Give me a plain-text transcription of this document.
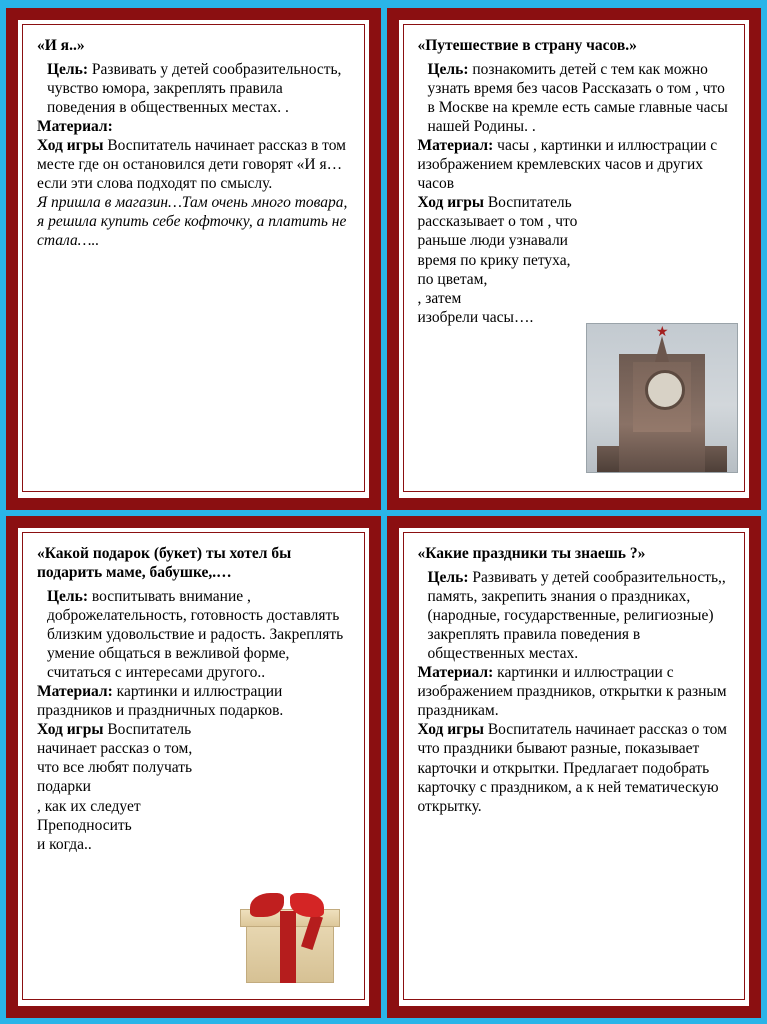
«И я..»

Цель: Развивать у детей сообразительность, чувство юмора, закреплять правила поведения в общественных местах. .

Материал:

Ход игры Воспитатель начинает рассказ в том месте где он остановился дети говорят «И я…если эти слова подходят по смыслу.

Я пришла в магазин…Там очень много товара, я решила купить себе кофточку, а платить не стала…..

«Путешествие в страну часов.»

Цель: познакомить детей с тем как можно узнать время без часов Рассказать о том , что в Москве на кремле есть самые главные часы нашей Родины. .

Материал: часы , картинки и иллюстрации с изображением кремлевских часов и других часов

Ход игры Воспитатель рассказывает о том , что раньше люди узнавали время по крику петуха,

по цветам,

, затем

изобрели часы….

★
«Какой подарок (букет) ты хотел бы подарить маме, бабушке,.…

Цель: воспитывать внимание , доброжелательность, готовность доставлять близким удовольствие и радость. Закреплять умение общаться в вежливой форме, считаться с интересами другого..

Материал: картинки и иллюстрации праздников и праздничных подарков.

Ход игры Воспитатель начинает рассказ о том, что все любят получать подарки

, как их следует

Преподносить

и когда..

«Какие праздники ты знаешь ?»

Цель: Развивать у детей сообразительность,, память, закрепить знания о праздниках, (народные, государственные, религиозные) закреплять правила поведения в общественных местах.

Материал: картинки и иллюстрации с изображением праздников, открытки к разным праздникам.

Ход игры Воспитатель начинает рассказ о том что праздники бывают разные, показывает карточки и открытки. Предлагает подобрать карточку с праздником, а к ней тематическую открытку.
